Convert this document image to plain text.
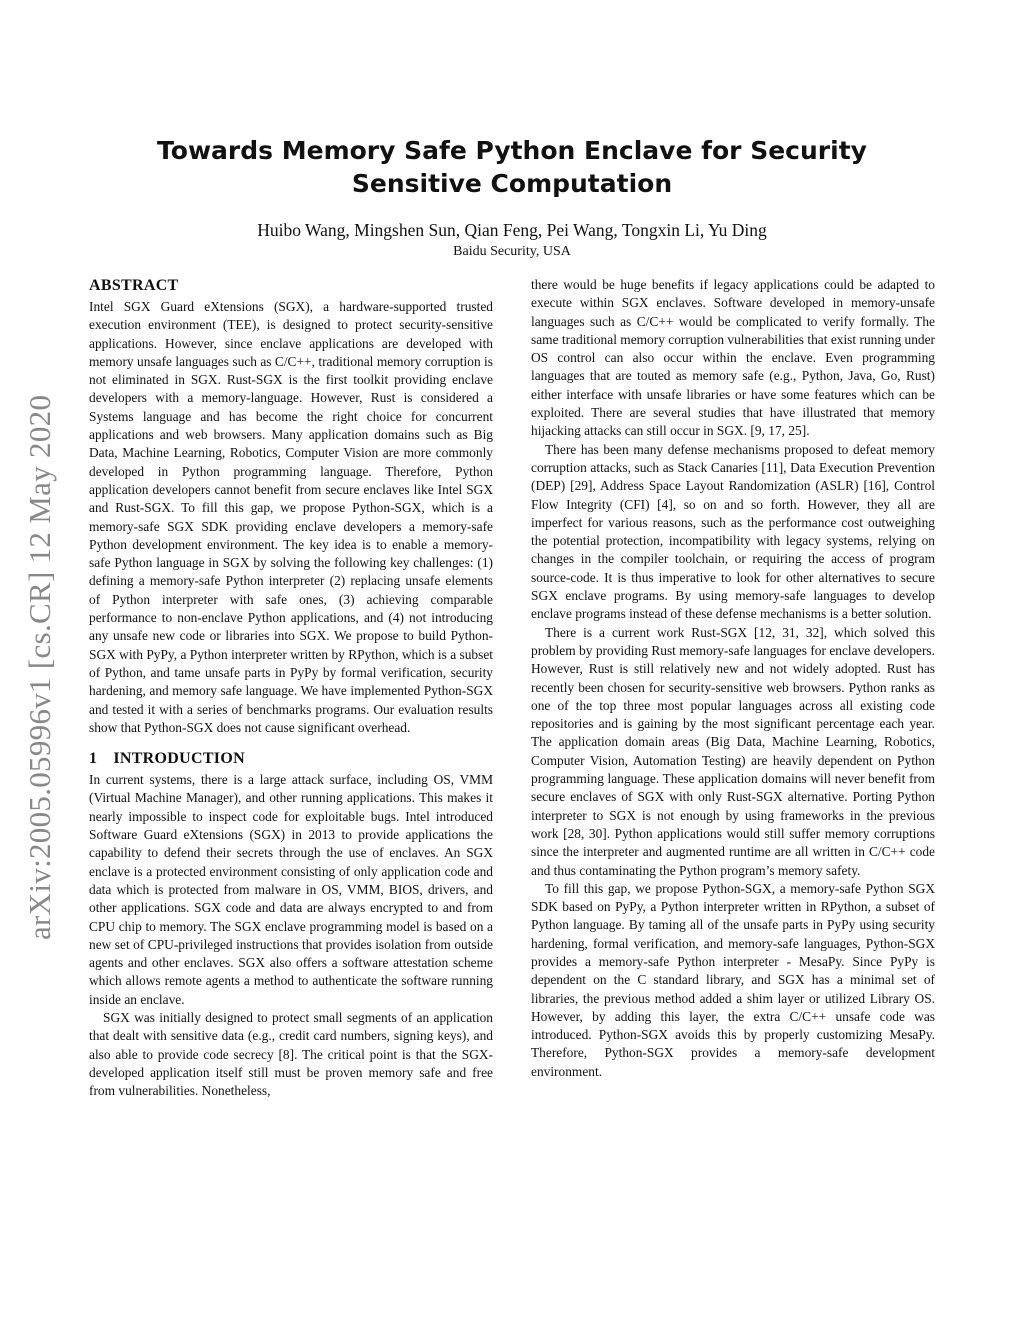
arXiv:2005.05996v1 [cs.CR] 12 May 2020
Towards Memory Safe Python Enclave for Security Sensitive Computation
Huibo Wang, Mingshen Sun, Qian Feng, Pei Wang, Tongxin Li, Yu Ding
Baidu Security, USA
ABSTRACT

Intel SGX Guard eXtensions (SGX), a hardware-supported trusted execution environment (TEE), is designed to protect security-sensitive applications. However, since enclave applications are developed with memory unsafe languages such as C/C++, traditional memory corruption is not eliminated in SGX. Rust-SGX is the first toolkit providing enclave developers with a memory-language. However, Rust is considered a Systems language and has become the right choice for concurrent applications and web browsers. Many application domains such as Big Data, Machine Learning, Robotics, Computer Vision are more commonly developed in Python programming language. Therefore, Python application developers cannot benefit from secure enclaves like Intel SGX and Rust-SGX. To fill this gap, we propose Python-SGX, which is a memory-safe SGX SDK providing enclave developers a memory-safe Python development environment. The key idea is to enable a memory-safe Python language in SGX by solving the following key challenges: (1) defining a memory-safe Python interpreter (2) replacing unsafe elements of Python interpreter with safe ones, (3) achieving comparable performance to non-enclave Python applications, and (4) not introducing any unsafe new code or libraries into SGX. We propose to build Python-SGX with PyPy, a Python interpreter written by RPython, which is a subset of Python, and tame unsafe parts in PyPy by formal verification, security hardening, and memory safe language. We have implemented Python-SGX and tested it with a series of benchmarks programs. Our evaluation results show that Python-SGX does not cause significant overhead.

1 INTRODUCTION

In current systems, there is a large attack surface, including OS, VMM (Virtual Machine Manager), and other running applications. This makes it nearly impossible to inspect code for exploitable bugs. Intel introduced Software Guard eXtensions (SGX) in 2013 to provide applications the capability to defend their secrets through the use of enclaves. An SGX enclave is a protected environment consisting of only application code and data which is protected from malware in OS, VMM, BIOS, drivers, and other applications. SGX code and data are always encrypted to and from CPU chip to memory. The SGX enclave programming model is based on a new set of CPU-privileged instructions that provides isolation from outside agents and other enclaves. SGX also offers a software attestation scheme which allows remote agents a method to authenticate the software running inside an enclave.

SGX was initially designed to protect small segments of an application that dealt with sensitive data (e.g., credit card numbers, signing keys), and also able to provide code secrecy [8]. The critical point is that the SGX-developed application itself still must be proven memory safe and free from vulnerabilities. Nonetheless,

there would be huge benefits if legacy applications could be adapted to execute within SGX enclaves. Software developed in memory-unsafe languages such as C/C++ would be complicated to verify formally. The same traditional memory corruption vulnerabilities that exist running under OS control can also occur within the enclave. Even programming languages that are touted as memory safe (e.g., Python, Java, Go, Rust) either interface with unsafe libraries or have some features which can be exploited. There are several studies that have illustrated that memory hijacking attacks can still occur in SGX. [9, 17, 25].

There has been many defense mechanisms proposed to defeat memory corruption attacks, such as Stack Canaries [11], Data Execution Prevention (DEP) [29], Address Space Layout Randomization (ASLR) [16], Control Flow Integrity (CFI) [4], so on and so forth. However, they all are imperfect for various reasons, such as the performance cost outweighing the potential protection, incompatibility with legacy systems, relying on changes in the compiler toolchain, or requiring the access of program source-code. It is thus imperative to look for other alternatives to secure SGX enclave programs. By using memory-safe languages to develop enclave programs instead of these defense mechanisms is a better solution.

There is a current work Rust-SGX [12, 31, 32], which solved this problem by providing Rust memory-safe languages for enclave developers. However, Rust is still relatively new and not widely adopted. Rust has recently been chosen for security-sensitive web browsers. Python ranks as one of the top three most popular languages across all existing code repositories and is gaining by the most significant percentage each year. The application domain areas (Big Data, Machine Learning, Robotics, Computer Vision, Automation Testing) are heavily dependent on Python programming language. These application domains will never benefit from secure enclaves of SGX with only Rust-SGX alternative. Porting Python interpreter to SGX is not enough by using frameworks in the previous work [28, 30]. Python applications would still suffer memory corruptions since the interpreter and augmented runtime are all written in C/C++ code and thus contaminating the Python program’s memory safety.

To fill this gap, we propose Python-SGX, a memory-safe Python SGX SDK based on PyPy, a Python interpreter written in RPython, a subset of Python language. By taming all of the unsafe parts in PyPy using security hardening, formal verification, and memory-safe languages, Python-SGX provides a memory-safe Python interpreter - MesaPy. Since PyPy is dependent on the C standard library, and SGX has a minimal set of libraries, the previous method added a shim layer or utilized Library OS. However, by adding this layer, the extra C/C++ unsafe code was introduced. Python-SGX avoids this by properly customizing MesaPy. Therefore, Python-SGX provides a memory-safe development environment.
